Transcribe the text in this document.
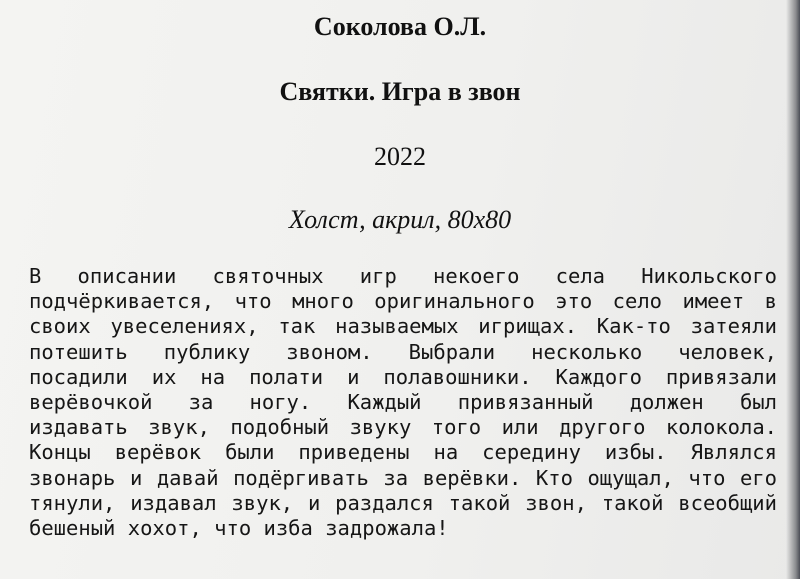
Соколова О.Л.
Святки. Игра в звон
2022
Холст, акрил, 80х80
В описании святочных игр некоего села Никольского
подчёркивается, что много оригинального это село имеет в
своих увеселениях, так называемых игрищах. Как-то затеяли
потешить публику звоном. Выбрали несколько человек,
посадили их на полати и полавошники. Каждого привязали
верёвочкой за ногу. Каждый привязанный должен был
издавать звук, подобный звуку того или другого колокола.
Концы верёвок были приведены на середину избы. Являлся
звонарь и давай подёргивать за верёвки. Кто ощущал, что его
тянули, издавал звук, и раздался такой звон, такой всеобщий
бешеный хохот, что изба задрожала!
